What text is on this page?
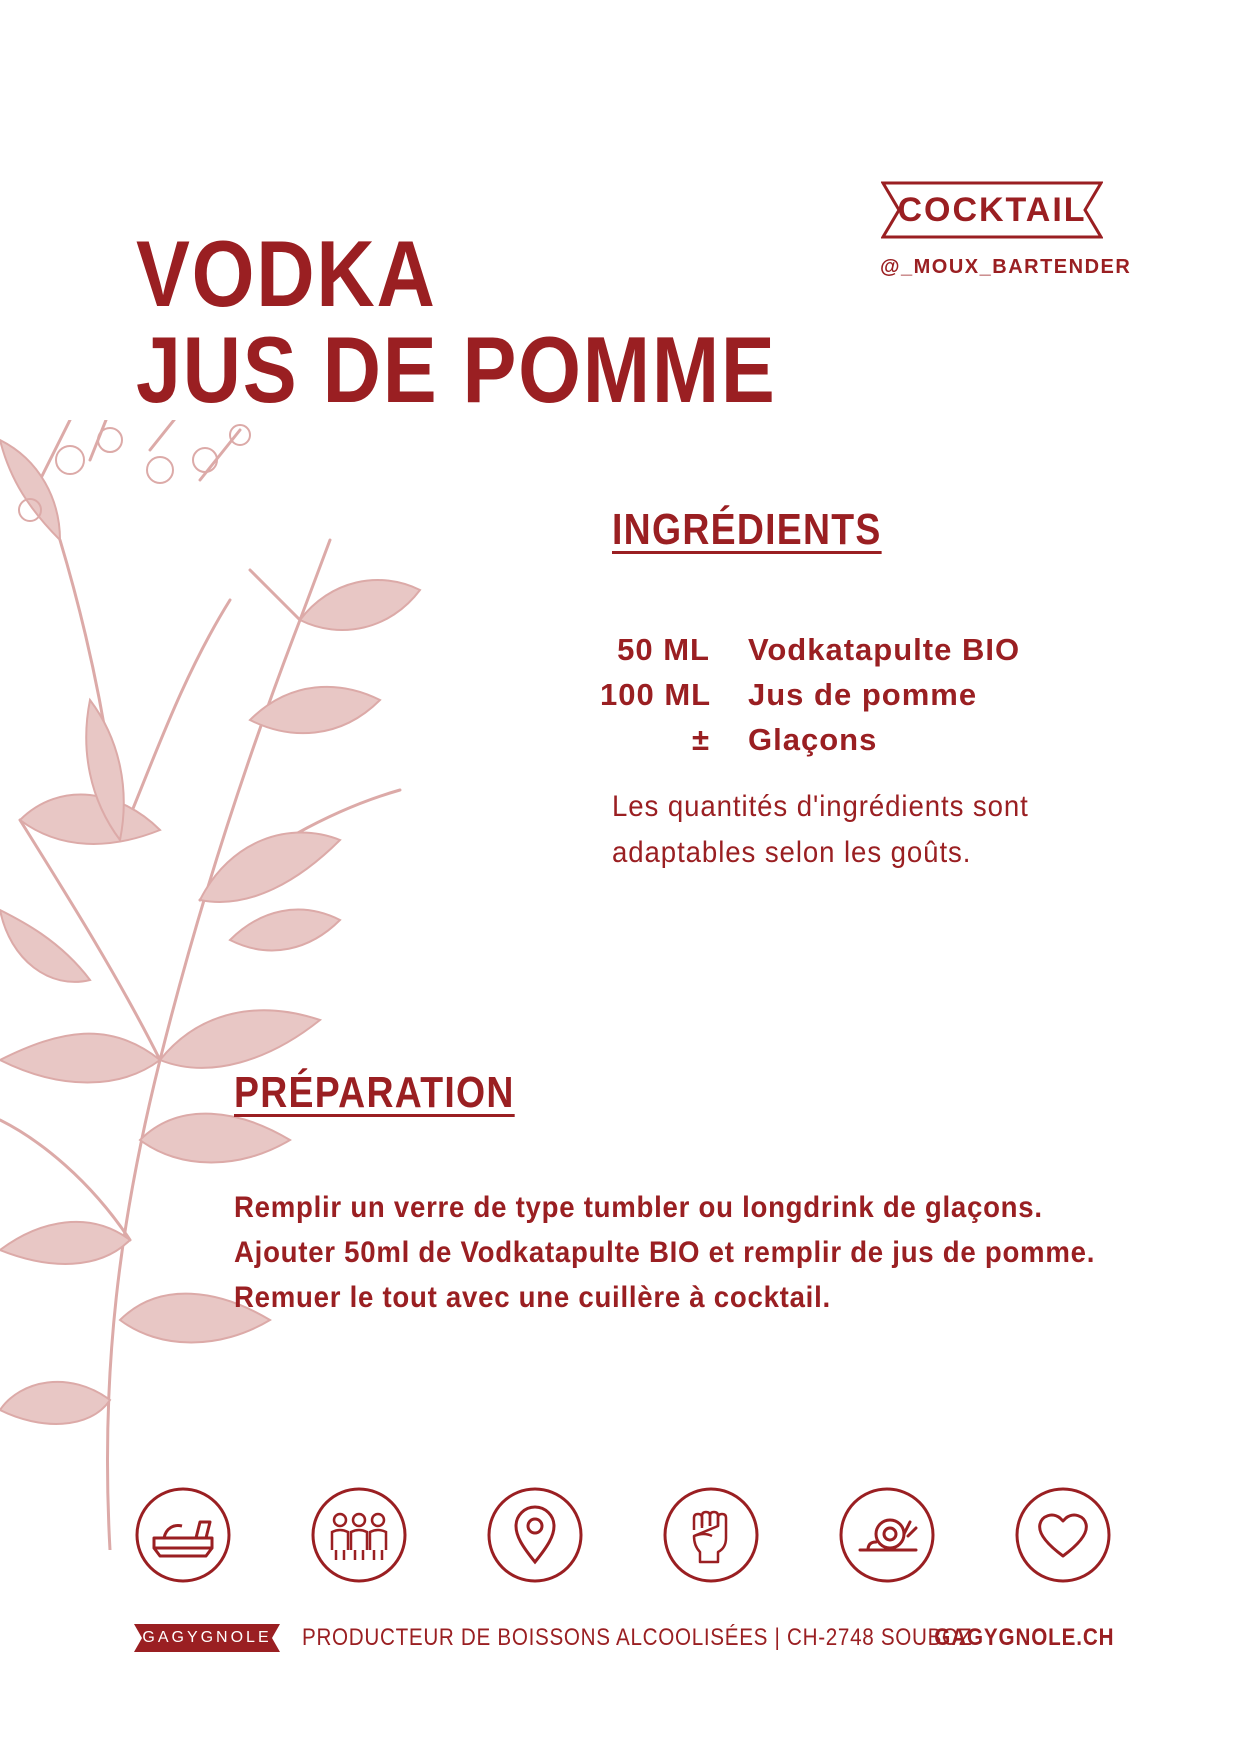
COCKTAIL
@_MOUX_BARTENDER
VODKA
JUS DE POMME
INGRÉDIENTS
50 ML Vodkatapulte BIO
100 ML Jus de pomme
± Glaçons
Les quantités d'ingrédients sont
adaptables selon les goûts.
PRÉPARATION
Remplir un verre de type tumbler ou longdrink de glaçons.
Ajouter 50ml de Vodkatapulte BIO et remplir de jus de pomme.
Remuer le tout avec une cuillère à cocktail.
GAGYGNOLE	PRODUCTEUR DE BOISSONS ALCOOLISÉES | CH-2748 SOUBOZ
GAGYGNOLE.CH
